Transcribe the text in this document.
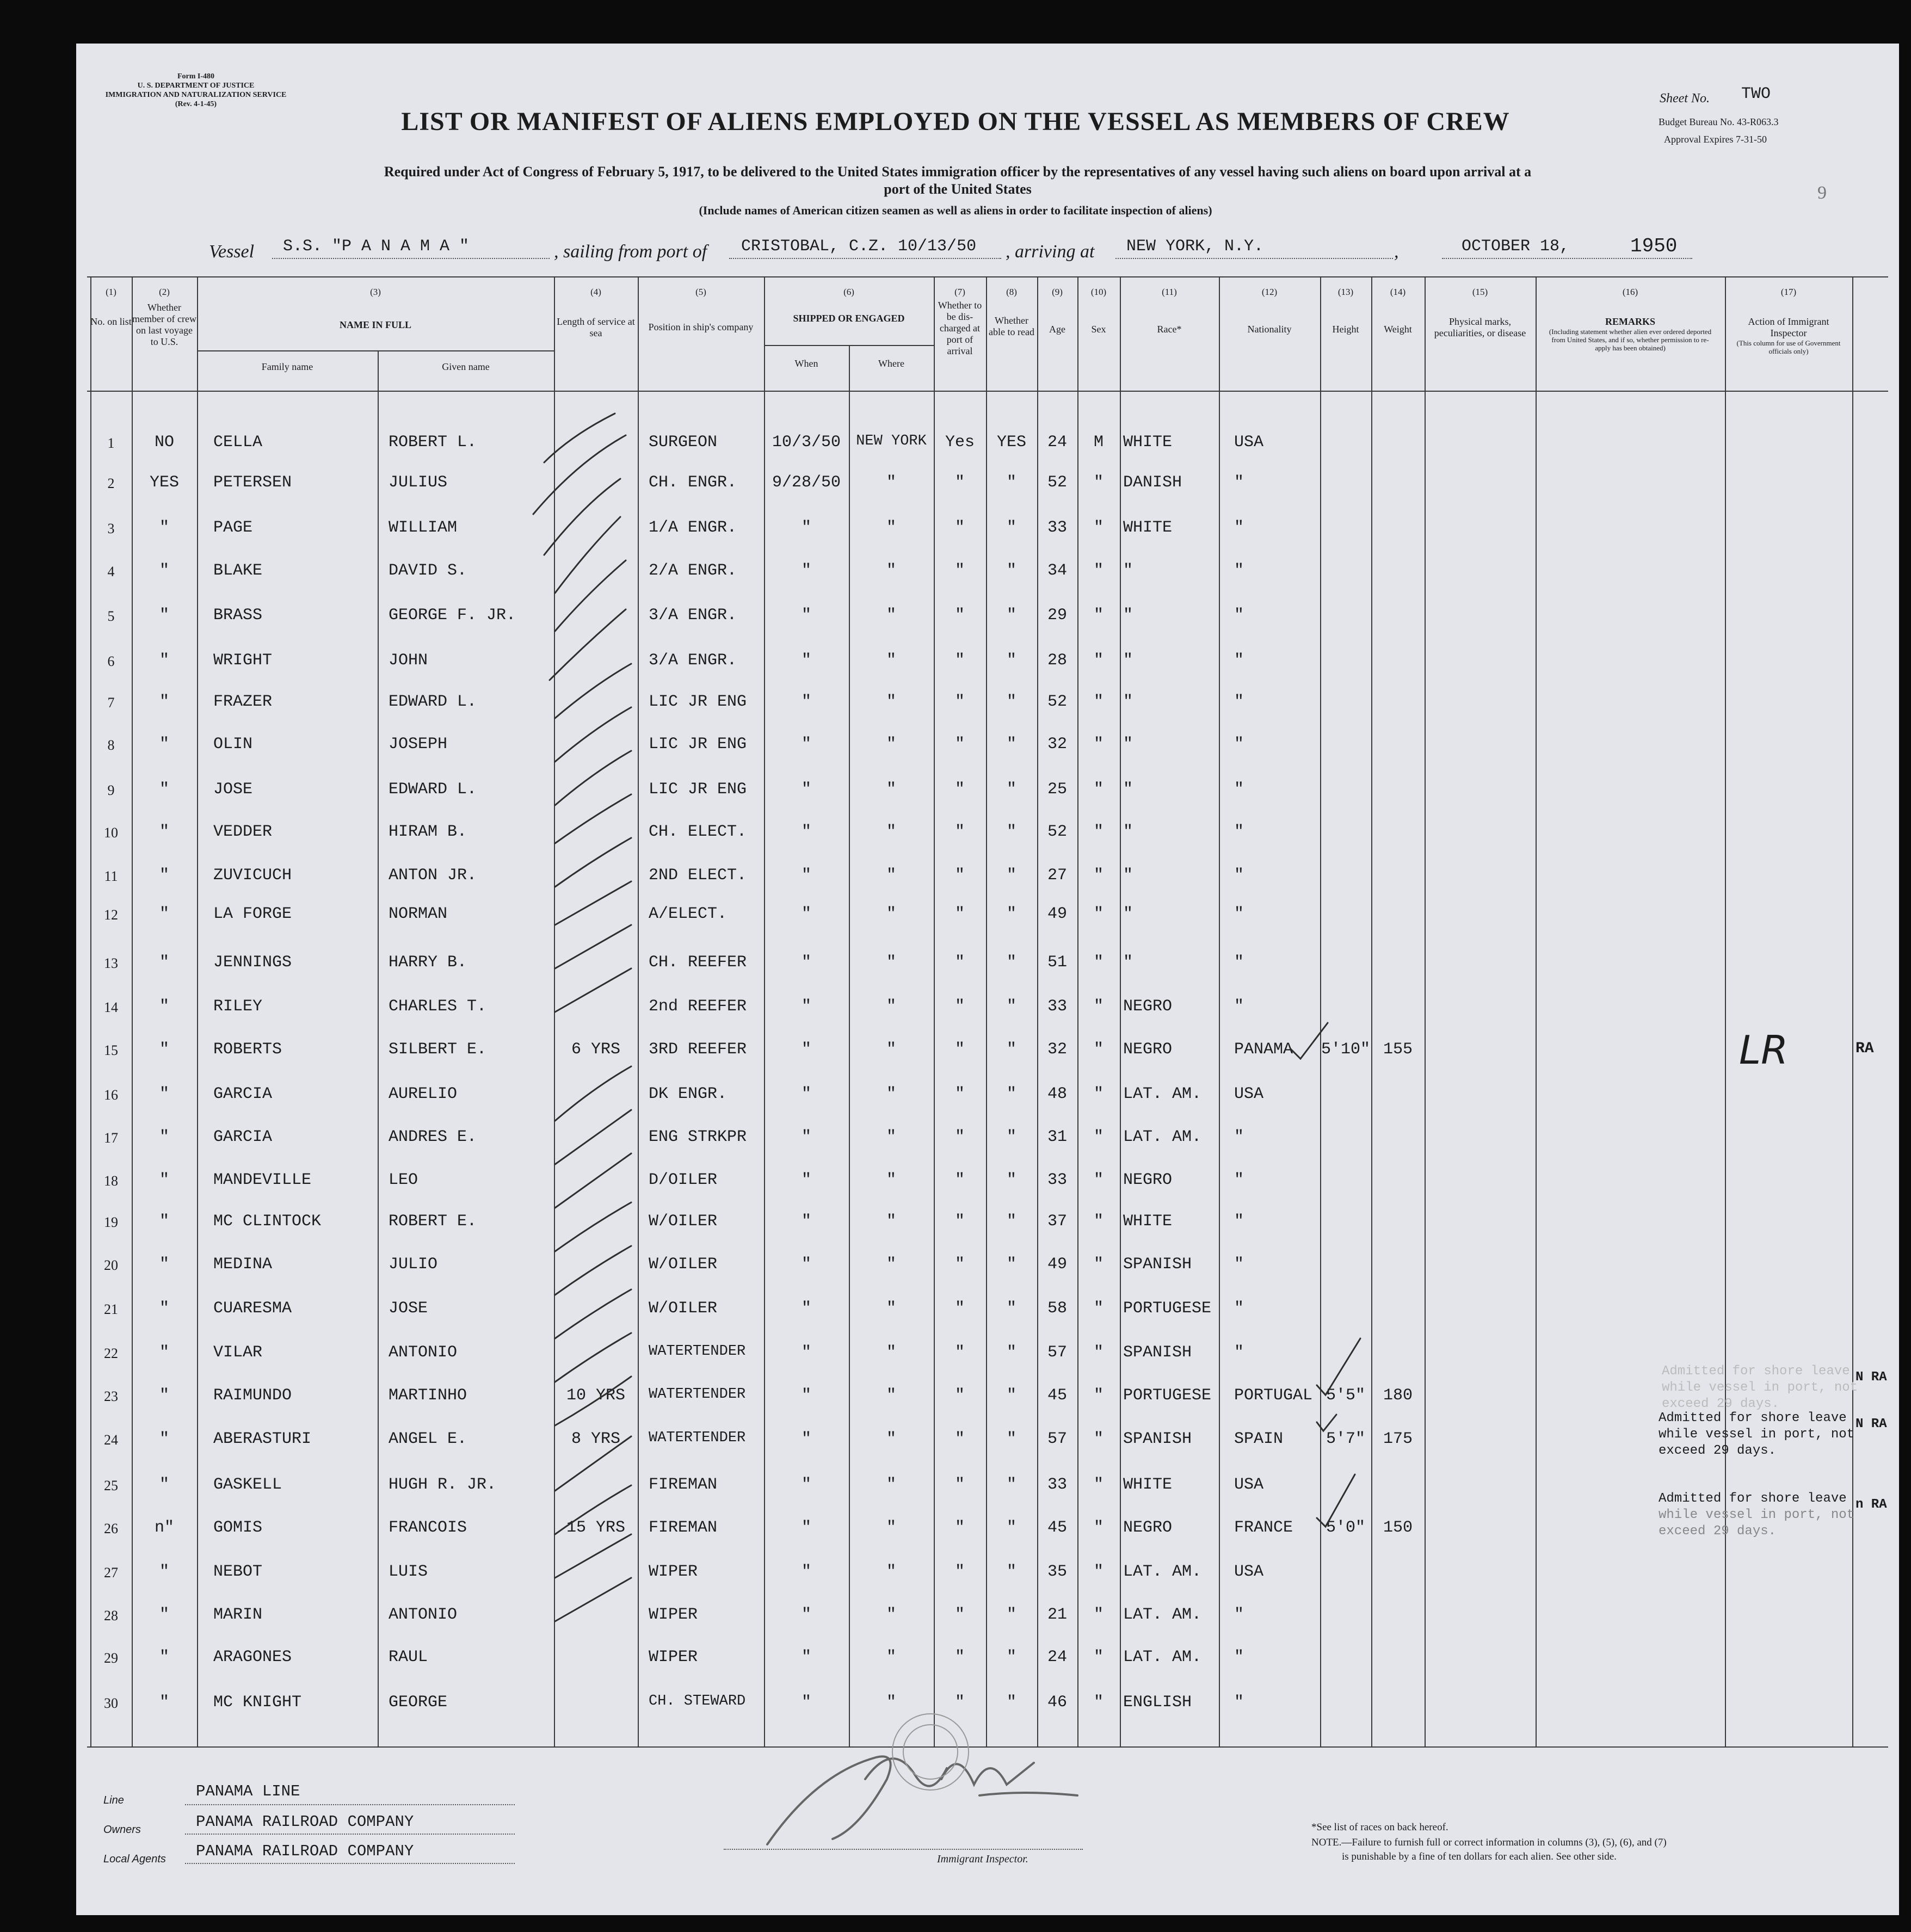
Form I-480
U. S. DEPARTMENT OF JUSTICE
IMMIGRATION AND NATURALIZATION SERVICE
(Rev. 4-1-45)	Sheet No. TWO
Budget Bureau No. 43-R063.3
Approval Expires 7-31-50
9
LIST OR MANIFEST OF ALIENS EMPLOYED ON THE VESSEL AS MEMBERS OF CREW
Required under Act of Congress of February 5, 1917, to be delivered to the United States immigration officer by the representatives of any vessel having such aliens on board upon arrival at a
port of the United States
(Include names of American citizen seamen as well as aliens in order to facilitate inspection of aliens)
Vessel S.S. "P A N A M A "	, sailing from port of CRISTOBAL, C.Z. 10/13/50 , arriving at NEW YORK, N.Y.	,	OCTOBER 18,	1950
(1)
No. on list
(2)
Whether member of crew on last voyage to U.S.
(3)
NAME IN FULL
Family name	Given name
(4)
Length of service at sea
(5)
Position in ship's company
(6)
SHIPPED OR ENGAGED
When	Where
(7)
Whether to be dis-charged at port of arrival
(8)
Whether able to read
(9)
Age
(10)
Sex
(11)
Race*
(12)
Nationality
(13)
Height
(14)
Weight
(15)
Physical marks, peculiarities, or disease
(16)
REMARKS
(Including statement whether alien ever ordered deported from United States, and if so, whether permission to re-apply has been obtained)
(17)
Action of Immigrant Inspector
(This column for use of Government officials only)
1	NO	CELLA	ROBERT L.	SURGEON	10/3/50	NEW YORK	Yes	YES	24	M	WHITE	USA
2	YES	PETERSEN	JULIUS	CH. ENGR.	9/28/50	"	"	"	52	"	DANISH	"
3	"	PAGE	WILLIAM	1/A ENGR.	"	"	"	"	33	"	WHITE	"
4	"	BLAKE	DAVID S.	2/A ENGR.	"	"	"	"	34	"	"	"
5	"	BRASS	GEORGE F. JR.	3/A ENGR.	"	"	"	"	29	"	"	"
6	"	WRIGHT	JOHN	3/A ENGR.	"	"	"	"	28	"	"	"
7	"	FRAZER	EDWARD L.	LIC JR ENG	"	"	"	"	52	"	"	"
8	"	OLIN	JOSEPH	LIC JR ENG	"	"	"	"	32	"	"	"
9	"	JOSE	EDWARD L.	LIC JR ENG	"	"	"	"	25	"	"	"
10	"	VEDDER	HIRAM B.	CH. ELECT.	"	"	"	"	52	"	"	"
11	"	ZUVICUCH	ANTON JR.	2ND ELECT.	"	"	"	"	27	"	"	"
12	"	LA FORGE	NORMAN	A/ELECT.	"	"	"	"	49	"	"	"
13	"	JENNINGS	HARRY B.	CH. REEFER	"	"	"	"	51	"	"	"
14	"	RILEY	CHARLES T.	2nd REEFER	"	"	"	"	33	"	NEGRO	"
15	"	ROBERTS	SILBERT E.	6 YRS	3RD REEFER	"	"	"	"	32	"	NEGRO	PANAMA 5'10" 155
16	"	GARCIA	AURELIO	DK ENGR.	"	"	"	"	48	"	LAT. AM. USA
17	"	GARCIA	ANDRES E.	ENG STRKPR	"	"	"	"	31	"	LAT. AM. "
18	"	MANDEVILLE	LEO	D/OILER	"	"	"	"	33	"	NEGRO	"
19	"	MC CLINTOCK	ROBERT E.	W/OILER	"	"	"	"	37	"	WHITE	"
20	"	MEDINA	JULIO	W/OILER	"	"	"	"	49	"	SPANISH	"
21	"	CUARESMA	JOSE	W/OILER	"	"	"	"	58	"	PORTUGESE "
22	"	VILAR	ANTONIO	WATERTENDER	"	"	"	"	57	"	SPANISH	"
23	"	RAIMUNDO	MARTINHO	10 YRS	WATERTENDER	"	"	"	"	45	"	PORTUGESE PORTUGAL 5'5"	180
24	"	ABERASTURI	ANGEL E.	8 YRS	WATERTENDER	"	"	"	"	57	"	SPANISH	SPAIN	5'7"	175
25	"	GASKELL	HUGH R. JR.	FIREMAN	"	"	"	"	33	"	WHITE	USA
26	n"	GOMIS	FRANCOIS	15 YRS	FIREMAN	"	"	"	"	45	"	NEGRO	FRANCE	5'0"	150
27	"	NEBOT	LUIS	WIPER	"	"	"	"	35	"	LAT. AM. USA
28	"	MARIN	ANTONIO	WIPER	"	"	"	"	21	"	LAT. AM. "
29	"	ARAGONES	RAUL	WIPER	"	"	"	"	24	"	LAT. AM. "
30	"	MC KNIGHT	GEORGE	CH. STEWARD	"	"	"	"	46	"	ENGLISH	"
Admitted for shore leave
while vessel in port, not
exceed 29 days.
Admitted for shore leave
while vessel in port, not
exceed 29 days.
Admitted for shore leave
while vessel in port, not
exceed 29 days.
LR	RA
N RA
N RA
n RA
Line	PANAMA LINE
Owners	PANAMA RAILROAD COMPANY
Local Agents PANAMA RAILROAD COMPANY	Immigrant Inspector.
*See list of races on back hereof.
NOTE.—Failure to furnish full or correct information in columns (3), (5), (6), and (7)
is punishable by a fine of ten dollars for each alien. See other side.
